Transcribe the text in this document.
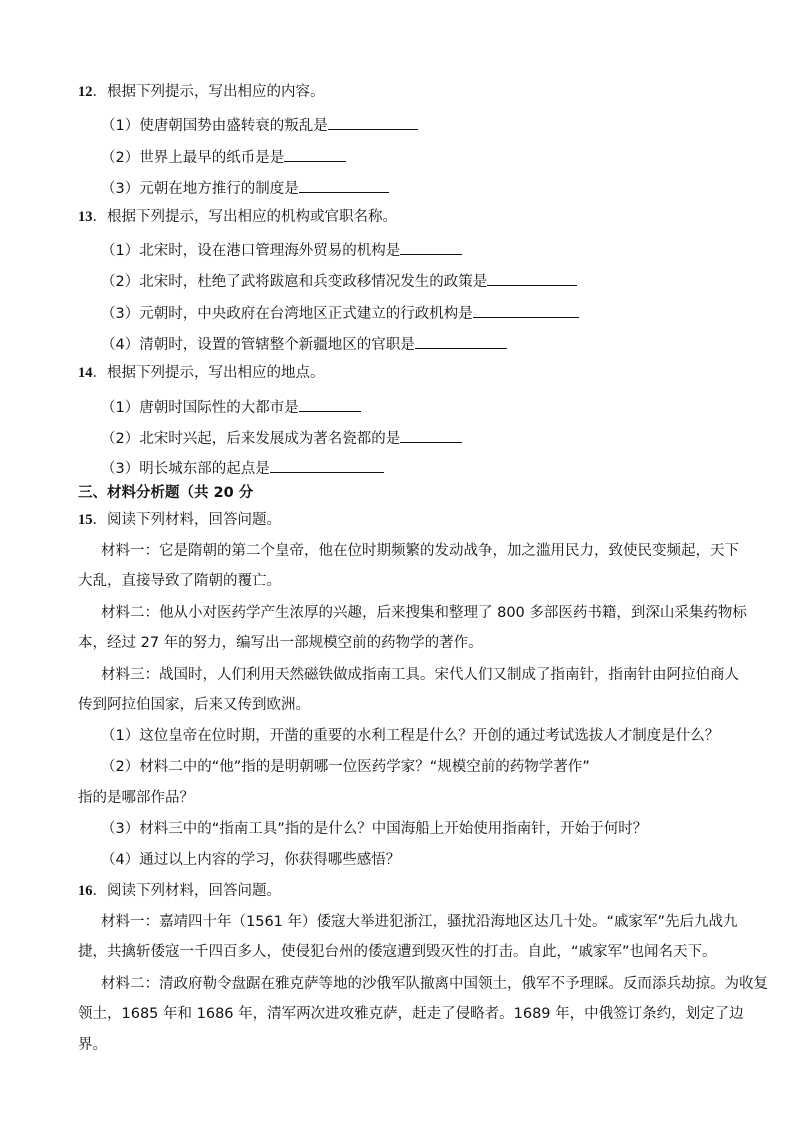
12．根据下列提示，写出相应的内容。
（1）使唐朝国势由盛转衰的叛乱是
（2）世界上最早的纸币是是
（3）元朝在地方推行的制度是
13．根据下列提示，写出相应的机构或官职名称。
（1）北宋时，设在港口管理海外贸易的机构是
（2）北宋时，杜绝了武将跋扈和兵变政移情况发生的政策是
（3）元朝时，中央政府在台湾地区正式建立的行政机构是
（4）清朝时，设置的管辖整个新疆地区的官职是
14．根据下列提示，写出相应的地点。
（1）唐朝时国际性的大都市是
（2）北宋时兴起，后来发展成为著名瓷都的是
（3）明长城东部的起点是
三、材料分析题（共 20 分
15．阅读下列材料，回答问题。
材料一：它是隋朝的第二个皇帝，他在位时期频繁的发动战争，加之滥用民力，致使民变频起，天下
大乱，直接导致了隋朝的覆亡。
材料二：他从小对医药学产生浓厚的兴趣，后来搜集和整理了 800 多部医药书籍，到深山采集药物标
本，经过 27 年的努力，编写出一部规模空前的药物学的著作。
材料三：战国时，人们利用天然磁铁做成指南工具。宋代人们又制成了指南针，指南针由阿拉伯商人
传到阿拉伯国家，后来又传到欧洲。
（1）这位皇帝在位时期，开凿的重要的水利工程是什么？开创的通过考试选拔人才制度是什么？
（2）材料二中的“他”指的是明朝哪一位医药学家？“规模空前的药物学著作”
指的是哪部作品？
（3）材料三中的“指南工具”指的是什么？中国海船上开始使用指南针，开始于何时？
（4）通过以上内容的学习，你获得哪些感悟？
16．阅读下列材料，回答问题。
材料一：嘉靖四十年（1561 年）倭寇大举进犯浙江，骚扰沿海地区达几十处。“戚家军”先后九战九
捷，共擒斩倭寇一千四百多人，使侵犯台州的倭寇遭到毁灭性的打击。自此，“戚家军”也闻名天下。
材料二：清政府勒令盘踞在雅克萨等地的沙俄军队撤离中国领土，俄军不予理睬。反而添兵劫掠。为收复
领土，1685 年和 1686 年，清军两次进攻雅克萨，赶走了侵略者。1689 年，中俄签订条约，划定了边
界。
